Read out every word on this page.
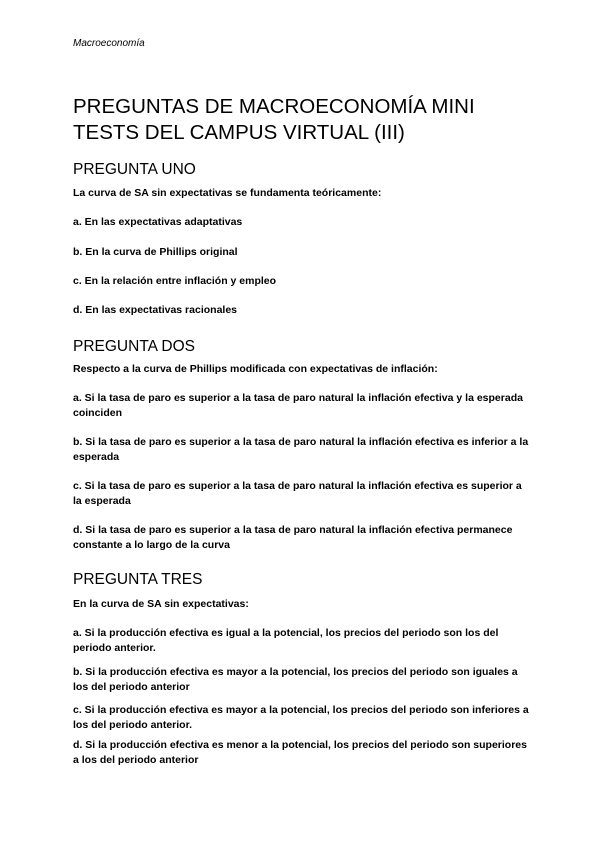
Macroeconomía
PREGUNTAS DE MACROECONOMÍA MINI TESTS DEL CAMPUS VIRTUAL (III)
PREGUNTA UNO

La curva de SA sin expectativas se fundamenta teóricamente:

a. En las expectativas adaptativas

b. En la curva de Phillips original

c. En la relación entre inflación y empleo

d. En las expectativas racionales

PREGUNTA DOS

Respecto a la curva de Phillips modificada con expectativas de inflación:

a. Si la tasa de paro es superior a la tasa de paro natural la inflación efectiva y la esperada coinciden

b. Si la tasa de paro es superior a la tasa de paro natural la inflación efectiva es inferior a la esperada

c. Si la tasa de paro es superior a la tasa de paro natural la inflación efectiva es superior a la esperada

d. Si la tasa de paro es superior a la tasa de paro natural la inflación efectiva permanece constante a lo largo de la curva

PREGUNTA TRES

En la curva de SA sin expectativas:

a. Si la producción efectiva es igual a la potencial, los precios del periodo son los del periodo anterior.

b. Si la producción efectiva es mayor a la potencial, los precios del periodo son iguales a los del periodo anterior

c. Si la producción efectiva es mayor a la potencial, los precios del periodo son inferiores a los del periodo anterior.

d. Si la producción efectiva es menor a la potencial, los precios del periodo son superiores a los del periodo anterior
